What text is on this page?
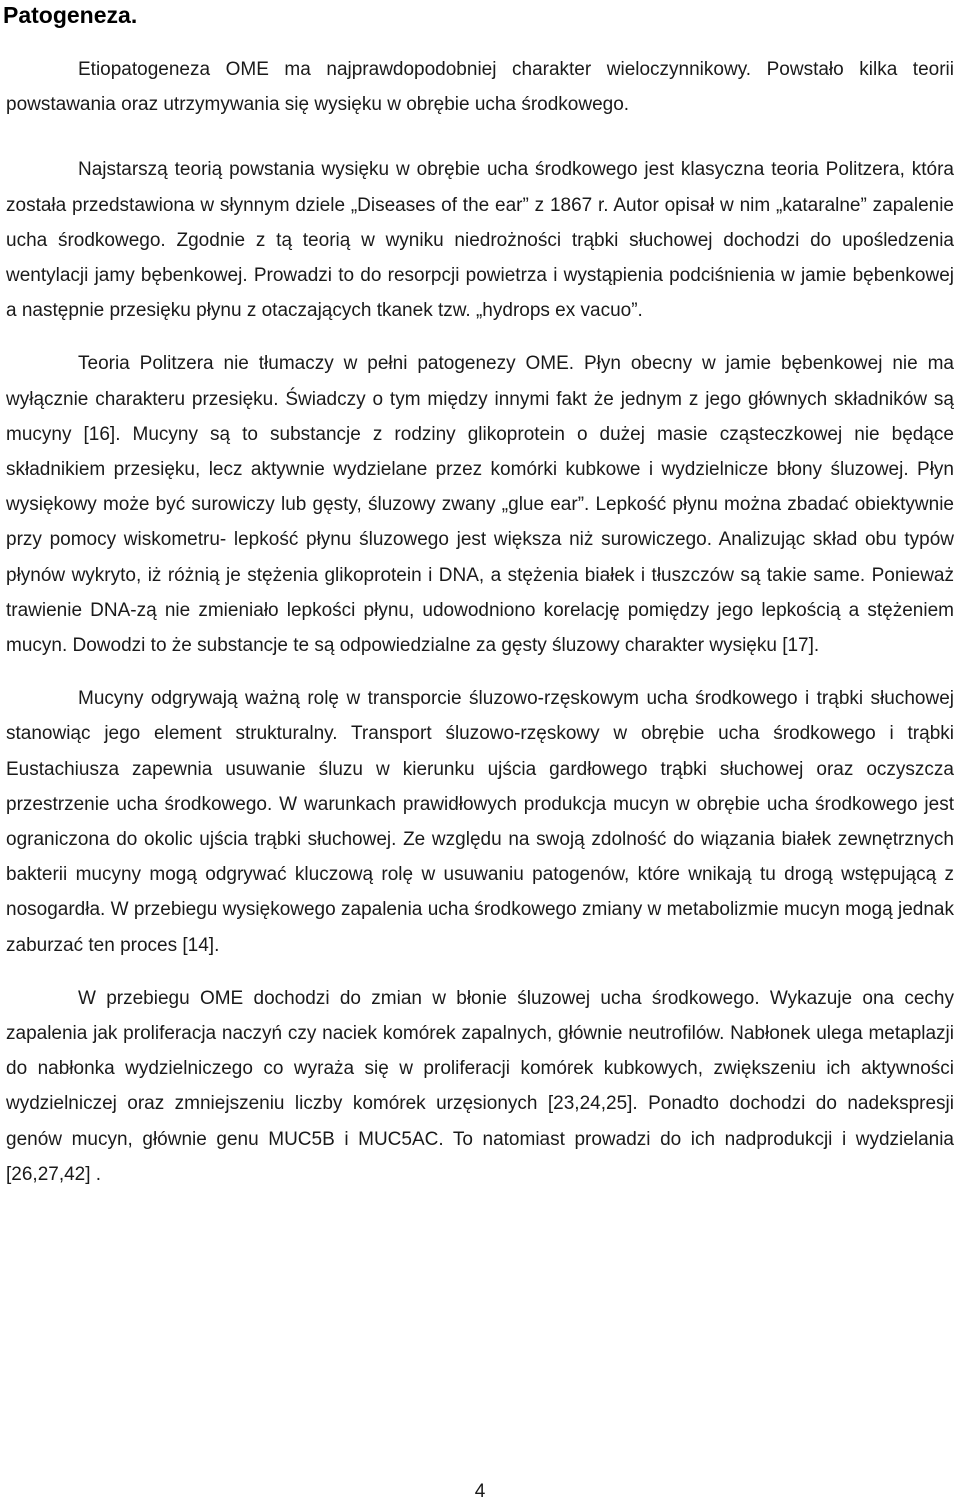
Patogeneza.

Etiopatogeneza OME ma najprawdopodobniej charakter wieloczynnikowy. Powstało kilka teorii powstawania oraz utrzymywania się wysięku w obrębie ucha środkowego.

Najstarszą teorią powstania wysięku w obrębie ucha środkowego jest klasyczna teoria Politzera, która została przedstawiona w słynnym dziele „Diseases of the ear” z 1867 r. Autor opisał w nim „kataralne” zapalenie ucha środkowego. Zgodnie z tą teorią w wyniku niedrożności trąbki słuchowej dochodzi do upośledzenia wentylacji jamy bębenkowej. Prowadzi to do resorpcji powietrza i wystąpienia podciśnienia w jamie bębenkowej a następnie przesięku płynu z otaczających tkanek tzw. „hydrops ex vacuo”.

Teoria Politzera nie tłumaczy w pełni patogenezy OME. Płyn obecny w jamie bębenkowej nie ma wyłącznie charakteru przesięku. Świadczy o tym między innymi fakt że jednym z jego głównych składników są mucyny [16]. Mucyny są to substancje z rodziny glikoprotein o dużej masie cząsteczkowej nie będące składnikiem przesięku, lecz aktywnie wydzielane przez komórki kubkowe i wydzielnicze błony śluzowej. Płyn wysiękowy może być surowiczy lub gęsty, śluzowy zwany „glue ear”. Lepkość płynu można zbadać obiektywnie przy pomocy wiskometru- lepkość płynu śluzowego jest większa niż surowiczego. Analizując skład obu typów płynów wykryto, iż różnią je stężenia glikoprotein i DNA, a stężenia białek i tłuszczów są takie same. Ponieważ trawienie DNA-zą nie zmieniało lepkości płynu, udowodniono korelację pomiędzy jego lepkością a stężeniem mucyn. Dowodzi to że substancje te są odpowiedzialne za gęsty śluzowy charakter wysięku [17].

Mucyny odgrywają ważną rolę w transporcie śluzowo-rzęskowym ucha środkowego i trąbki słuchowej stanowiąc jego element strukturalny. Transport śluzowo-rzęskowy w obrębie ucha środkowego i trąbki Eustachiusza zapewnia usuwanie śluzu w kierunku ujścia gardłowego trąbki słuchowej oraz oczyszcza przestrzenie ucha środkowego. W warunkach prawidłowych produkcja mucyn w obrębie ucha środkowego jest ograniczona do okolic ujścia trąbki słuchowej. Ze względu na swoją zdolność do wiązania białek zewnętrznych bakterii mucyny mogą odgrywać kluczową rolę w usuwaniu patogenów, które wnikają tu drogą wstępującą z nosogardła. W przebiegu wysiękowego zapalenia ucha środkowego zmiany w metabolizmie mucyn mogą jednak zaburzać ten proces [14].

W przebiegu OME dochodzi do zmian w błonie śluzowej ucha środkowego. Wykazuje ona cechy zapalenia jak proliferacja naczyń czy naciek komórek zapalnych, głównie neutrofilów. Nabłonek ulega metaplazji do nabłonka wydzielniczego co wyraża się w proliferacji komórek kubkowych, zwiększeniu ich aktywności wydzielniczej oraz zmniejszeniu liczby komórek urzęsionych [23,24,25]. Ponadto dochodzi do nadekspresji genów mucyn, głównie genu MUC5B i MUC5AC. To natomiast prowadzi do ich nadprodukcji i wydzielania [26,27,42] .

4
